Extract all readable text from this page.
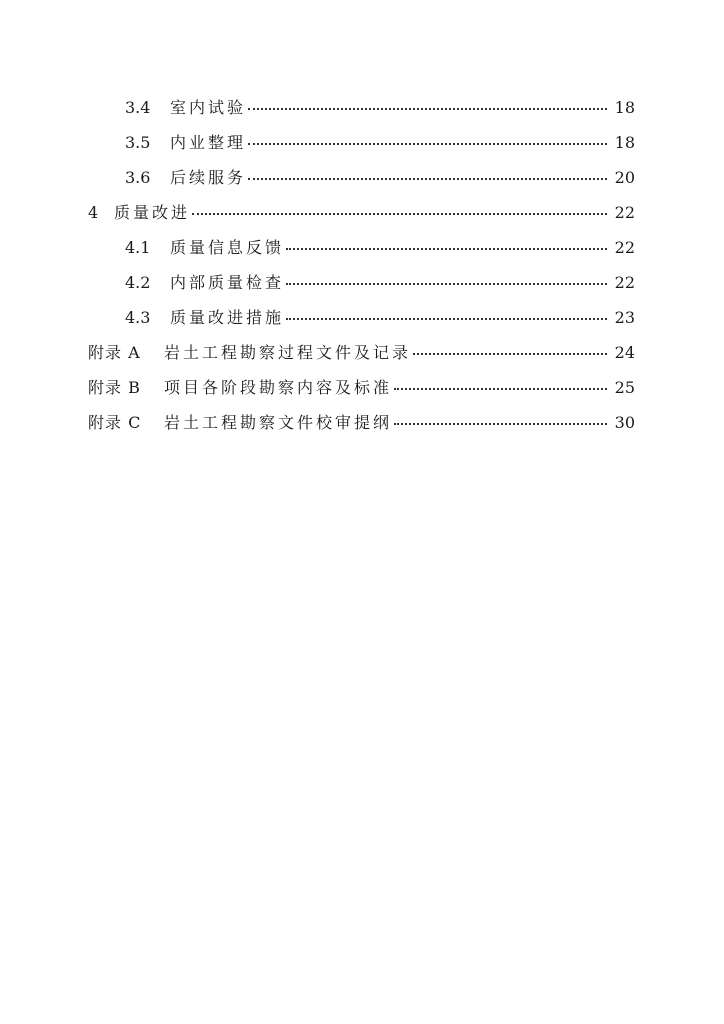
3.4	室内试验	18
3.5	内业整理	18
3.6	后续服务	20
4 质量改进	22
4.1	质量信息反馈	22
4.2	内部质量检查	22
4.3	质量改进措施	23
附录 A	岩土工程勘察过程文件及记录	24
附录 B	项目各阶段勘察内容及标准	25
附录 C	岩土工程勘察文件校审提纲	30
